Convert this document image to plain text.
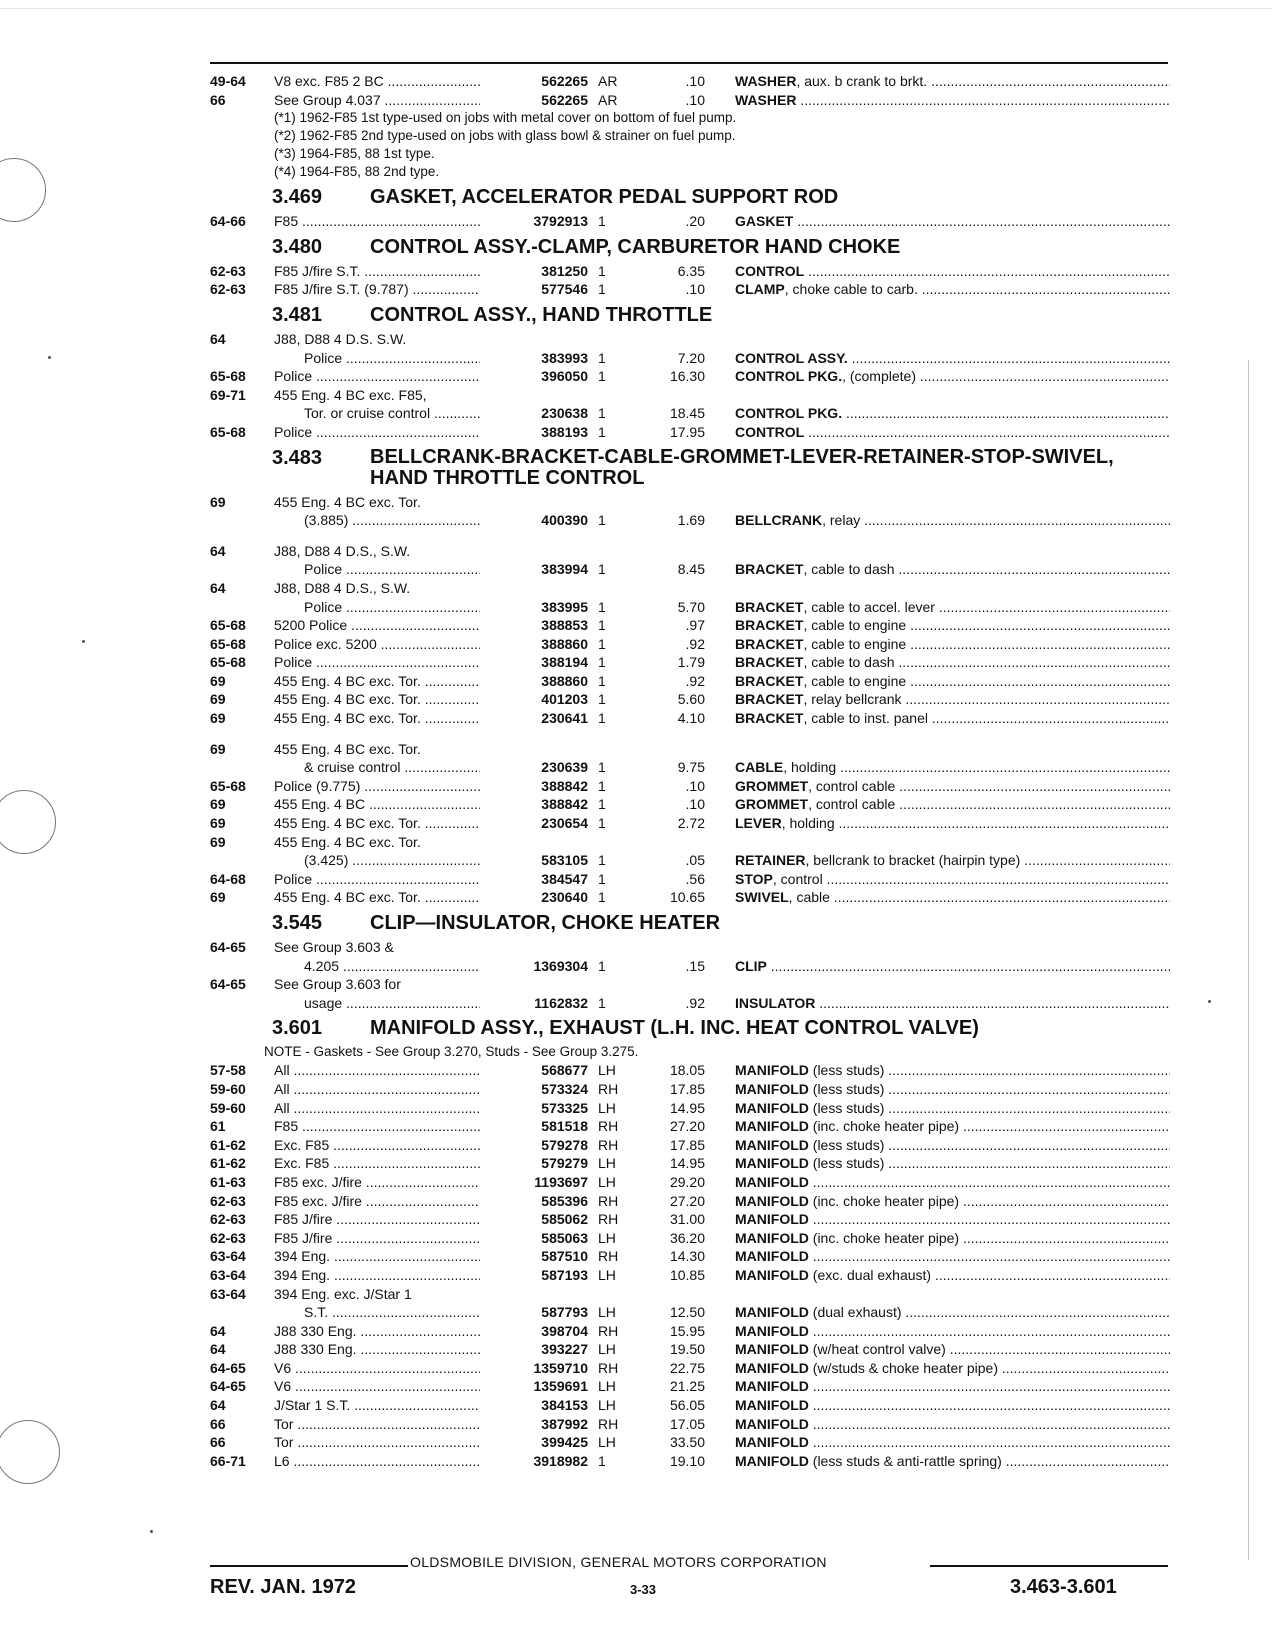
49-64 V8 exc. F85 2 BC .....	562265 AR	.10 WASHER, aux. b crank to brkt. .....
66	See Group 4.037 .....	562265 AR	.10 WASHER .....
(*1) 1962-F85 1st type-used on jobs with metal cover on bottom of fuel pump.
(*2) 1962-F85 2nd type-used on jobs with glass bowl & strainer on fuel pump.
(*3) 1964-F85, 88 1st type.
(*4) 1964-F85, 88 2nd type.
3.469 GASKET, ACCELERATOR PEDAL SUPPORT ROD
64-66 F85 .....	3792913 1	.20 GASKET .....
3.480 CONTROL ASSY.-CLAMP, CARBURETOR HAND CHOKE
62-63 F85 J/fire S.T. .....	381250 1	6.35 CONTROL .....
62-63 F85 J/fire S.T. (9.787) .....	577546 1	.10 CLAMP, choke cable to carb. .....
3.481 CONTROL ASSY., HAND THROTTLE
64	J88, D88 4 D.S. S.W.
Police .....	383993 1	7.20 CONTROL ASSY. .....
65-68 Police .....	396050 1	16.30 CONTROL PKG., (complete) .....
69-71 455 Eng. 4 BC exc. F85,
Tor. or cruise control .....	230638 1	18.45 CONTROL PKG. .....
65-68 Police .....	388193 1	17.95 CONTROL .....
3.483 BELLCRANK-BRACKET-CABLE-GROMMET-LEVER-RETAINER-STOP-SWIVEL, HAND THROTTLE CONTROL
69	455 Eng. 4 BC exc. Tor.
(3.885) .....	400390 1	1.69 BELLCRANK, relay .....
64	J88, D88 4 D.S., S.W.
Police .....	383994 1	8.45 BRACKET, cable to dash .....
64	J88, D88 4 D.S., S.W.
Police .....	383995 1	5.70 BRACKET, cable to accel. lever .....
65-68 5200 Police .....	388853 1	.97 BRACKET, cable to engine .....
65-68 Police exc. 5200 .....	388860 1	.92 BRACKET, cable to engine .....
65-68 Police .....	388194 1	1.79 BRACKET, cable to dash .....
69	455 Eng. 4 BC exc. Tor. .....	388860 1	.92 BRACKET, cable to engine .....
69	455 Eng. 4 BC exc. Tor. .....	401203 1	5.60 BRACKET, relay bellcrank .....
69	455 Eng. 4 BC exc. Tor. .....	230641 1	4.10 BRACKET, cable to inst. panel .....
69	455 Eng. 4 BC exc. Tor.
& cruise control .....	230639 1	9.75 CABLE, holding .....
65-68 Police (9.775) .....	388842 1	.10 GROMMET, control cable .....
69	455 Eng. 4 BC .....	388842 1	.10 GROMMET, control cable .....
69	455 Eng. 4 BC exc. Tor. .....	230654 1	2.72 LEVER, holding .....
69	455 Eng. 4 BC exc. Tor.
(3.425) .....	583105 1	.05 RETAINER, bellcrank to bracket (hairpin type) .....
64-68 Police .....	384547 1	.56 STOP, control .....
69	455 Eng. 4 BC exc. Tor. .....	230640 1	10.65 SWIVEL, cable .....
3.545 CLIP—INSULATOR, CHOKE HEATER
64-65 See Group 3.603 &
4.205 .....	1369304 1	.15 CLIP .....
64-65 See Group 3.603 for
usage .....	1162832 1	.92 INSULATOR .....
3.601 MANIFOLD ASSY., EXHAUST (L.H. INC. HEAT CONTROL VALVE)
NOTE - Gaskets - See Group 3.270, Studs - See Group 3.275.
57-58 All .....	568677 LH	18.05 MANIFOLD (less studs) .....
59-60 All .....	573324 RH	17.85 MANIFOLD (less studs) .....
59-60 All .....	573325 LH	14.95 MANIFOLD (less studs) .....
61	F85 .....	581518 RH	27.20 MANIFOLD (inc. choke heater pipe) .....
61-62 Exc. F85 .....	579278 RH	17.85 MANIFOLD (less studs) .....
61-62 Exc. F85 .....	579279 LH	14.95 MANIFOLD (less studs) .....
61-63 F85 exc. J/fire .....	1193697 LH	29.20 MANIFOLD .....
62-63 F85 exc. J/fire .....	585396 RH	27.20 MANIFOLD (inc. choke heater pipe) .....
62-63 F85 J/fire .....	585062 RH	31.00 MANIFOLD .....
62-63 F85 J/fire .....	585063 LH	36.20 MANIFOLD (inc. choke heater pipe) .....
63-64 394 Eng. .....	587510 RH	14.30 MANIFOLD .....
63-64 394 Eng. .....	587193 LH	10.85 MANIFOLD (exc. dual exhaust) .....
63-64 394 Eng. exc. J/Star 1
S.T. .....	587793 LH	12.50 MANIFOLD (dual exhaust) .....
64	J88 330 Eng. .....	398704 RH	15.95 MANIFOLD .....
64	J88 330 Eng. .....	393227 LH	19.50 MANIFOLD (w/heat control valve) .....
64-65 V6 .....	1359710 RH	22.75 MANIFOLD (w/studs & choke heater pipe) .....
64-65 V6 .....	1359691 LH	21.25 MANIFOLD .....
64	J/Star 1 S.T. .....	384153 LH	56.05 MANIFOLD .....
66	Tor .....	387992 RH	17.05 MANIFOLD .....
66	Tor .....	399425 LH	33.50 MANIFOLD .....
66-71 L6 .....	3918982 1	19.10 MANIFOLD (less studs & anti-rattle spring) .....
OLDSMOBILE DIVISION, GENERAL MOTORS CORPORATION
REV. JAN. 1972	3-33	3.463-3.601
